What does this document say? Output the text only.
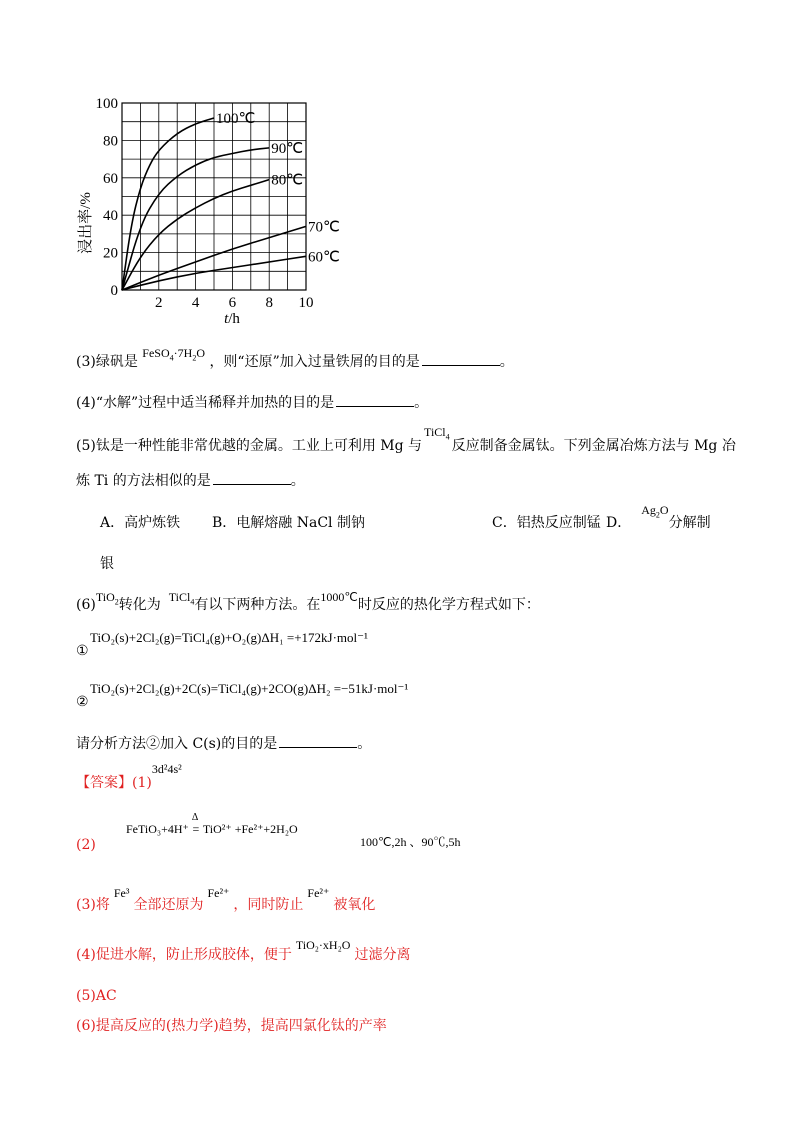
0
20
40
60
80
100
2 4 6 8 10
100℃
90℃
80℃
70℃
60℃
浸出率/%
t/h
(3)绿矾是 $FeSO_4\cdot 7H_2O$ ，则“还原”加入过量铁屑的目的是	。
(4)“水解”过程中适当稀释并加热的目的是	。
(5)钛是一种性能非常优越的金属。工业上可利用 Mg 与TiCl$_4$反应制备金属钛。下列金属冶炼方法与 Mg 冶
炼 Ti 的方法相似的是	。
A．高炉炼铁 B．电解熔融 NaCl 制钠	C．铝热反应制锰 D．$Ag_2O$分解制
银
(6)TiO$_2$转化为 TiCl$_4$有以下两种方法。在1000℃时反应的热化学方程式如下：
①
TiO₂(s)+2Cl₂(g)=TiCl₄(g)+O₂(g)ΔH₁ =+172kJ·mol⁻¹
②
TiO₂(s)+2Cl₂(g)+2C(s)=TiCl₄(g)+2CO(g)ΔH₂ =−51kJ·mol⁻¹
请分析方法②加入 C(s)的目的是	。
【答案】(1)3d²4s²
(2)
FeTiO₃+4H⁺
Δ
= TiO²⁺ +Fe²⁺+2H₂O
100℃,2h 、90℃,5h
(3)将Fe³全部还原为Fe²⁺，同时防止Fe²⁺被氧化
(4)促进水解，防止形成胶体，便于TiO₂·xH₂O过滤分离
(5)AC
(6)提高反应的(热力学)趋势，提高四氯化钛的产率
